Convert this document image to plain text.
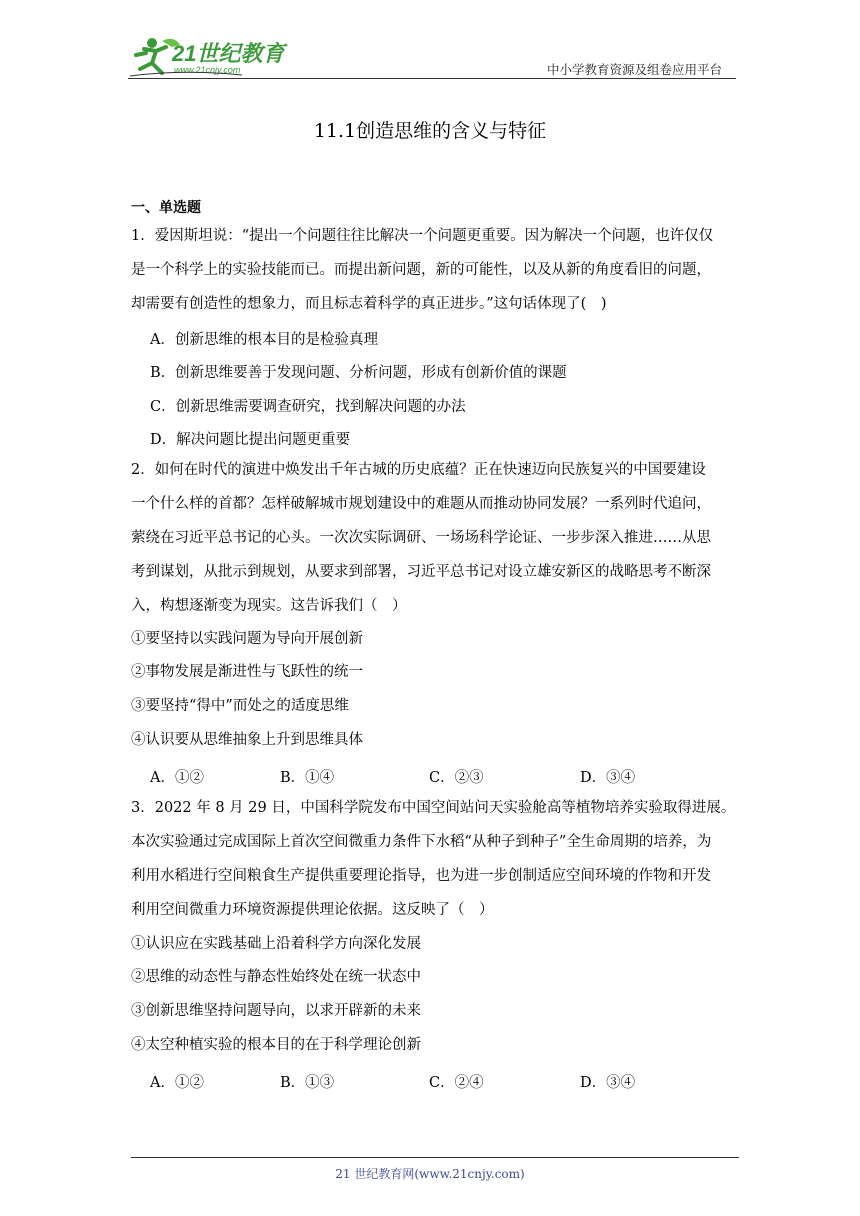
21世纪教育
www.21cnjy.com	中小学教育资源及组卷应用平台
11.1创造思维的含义与特征
一、单选题
1．爱因斯坦说：“提出一个问题往往比解决一个问题更重要。因为解决一个问题，也许仅仅
是一个科学上的实验技能而已。而提出新问题，新的可能性，以及从新的角度看旧的问题，
却需要有创造性的想象力，而且标志着科学的真正进步。”这句话体现了(　)
A．创新思维的根本目的是检验真理
B．创新思维要善于发现问题、分析问题，形成有创新价值的课题
C．创新思维需要调查研究，找到解决问题的办法
D．解决问题比提出问题更重要
2．如何在时代的演进中焕发出千年古城的历史底蕴？正在快速迈向民族复兴的中国要建设
一个什么样的首都？怎样破解城市规划建设中的难题从而推动协同发展？一系列时代追问，
萦绕在习近平总书记的心头。一次次实际调研、一场场科学论证、一步步深入推进……从思
考到谋划，从批示到规划，从要求到部署，习近平总书记对设立雄安新区的战略思考不断深
入，构想逐渐变为现实。这告诉我们（　）
①要坚持以实践问题为导向开展创新
②事物发展是渐进性与飞跃性的统一
③要坚持“得中”而处之的适度思维
④认识要从思维抽象上升到思维具体
A．①②	B．①④	C．②③	D．③④
3．2022 年 8 月 29 日，中国科学院发布中国空间站问天实验舱高等植物培养实验取得进展。
本次实验通过完成国际上首次空间微重力条件下水稻“从种子到种子”全生命周期的培养，为
利用水稻进行空间粮食生产提供重要理论指导，也为进一步创制适应空间环境的作物和开发
利用空间微重力环境资源提供理论依据。这反映了（　）
①认识应在实践基础上沿着科学方向深化发展
②思维的动态性与静态性始终处在统一状态中
③创新思维坚持问题导向，以求开辟新的未来
④太空种植实验的根本目的在于科学理论创新
A．①②	B．①③	C．②④	D．③④
21 世纪教育网(www.21cnjy.com)
